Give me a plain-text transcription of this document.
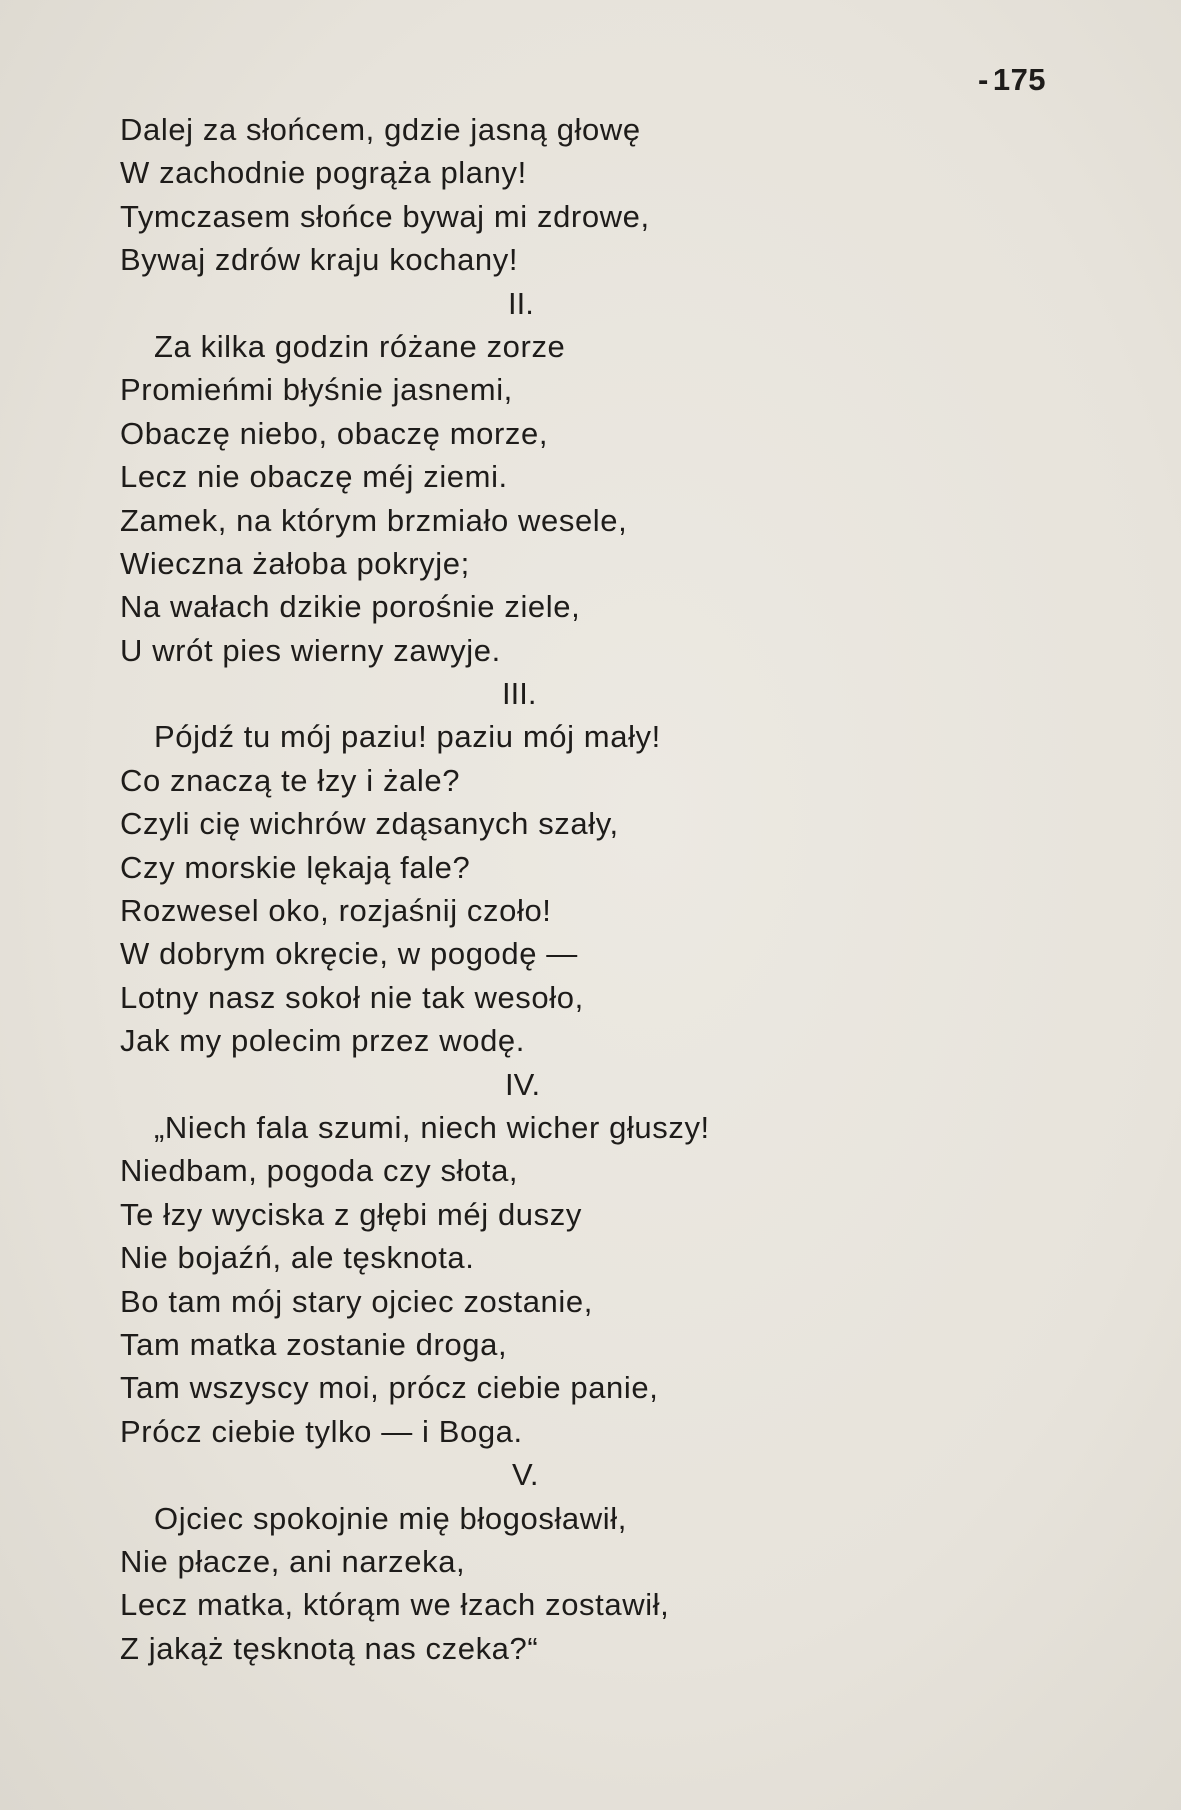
- 175
Dalej za słońcem, gdzie jasną głowę
W zachodnie pogrąża plany!
Tymczasem słońce bywaj mi zdrowe,
Bywaj zdrów kraju kochany!
II.
Za kilka godzin różane zorze
Promieńmi błyśnie jasnemi,
Obaczę niebo, obaczę morze,
Lecz nie obaczę méj ziemi.
Zamek, na którym brzmiało wesele,
Wieczna żałoba pokryje;
Na wałach dzikie porośnie ziele,
U wrót pies wierny zawyje.
III.
Pójdź tu mój paziu! paziu mój mały!
Co znaczą te łzy i żale?
Czyli cię wichrów zdąsanych szały,
Czy morskie lękają fale?
Rozwesel oko, rozjaśnij czoło!
W dobrym okręcie, w pogodę —
Lotny nasz sokoł nie tak wesoło,
Jak my polecim przez wodę.
IV.
„Niech fala szumi, niech wicher głuszy!
Niedbam, pogoda czy słota,
Te łzy wyciska z głębi méj duszy
Nie bojaźń, ale tęsknota.
Bo tam mój stary ojciec zostanie,
Tam matka zostanie droga,
Tam wszyscy moi, prócz ciebie panie,
Prócz ciebie tylko — i Boga.
V.
Ojciec spokojnie mię błogosławił,
Nie płacze, ani narzeka,
Lecz matka, którąm we łzach zostawił,
Z jakąż tęsknotą nas czeka?“
